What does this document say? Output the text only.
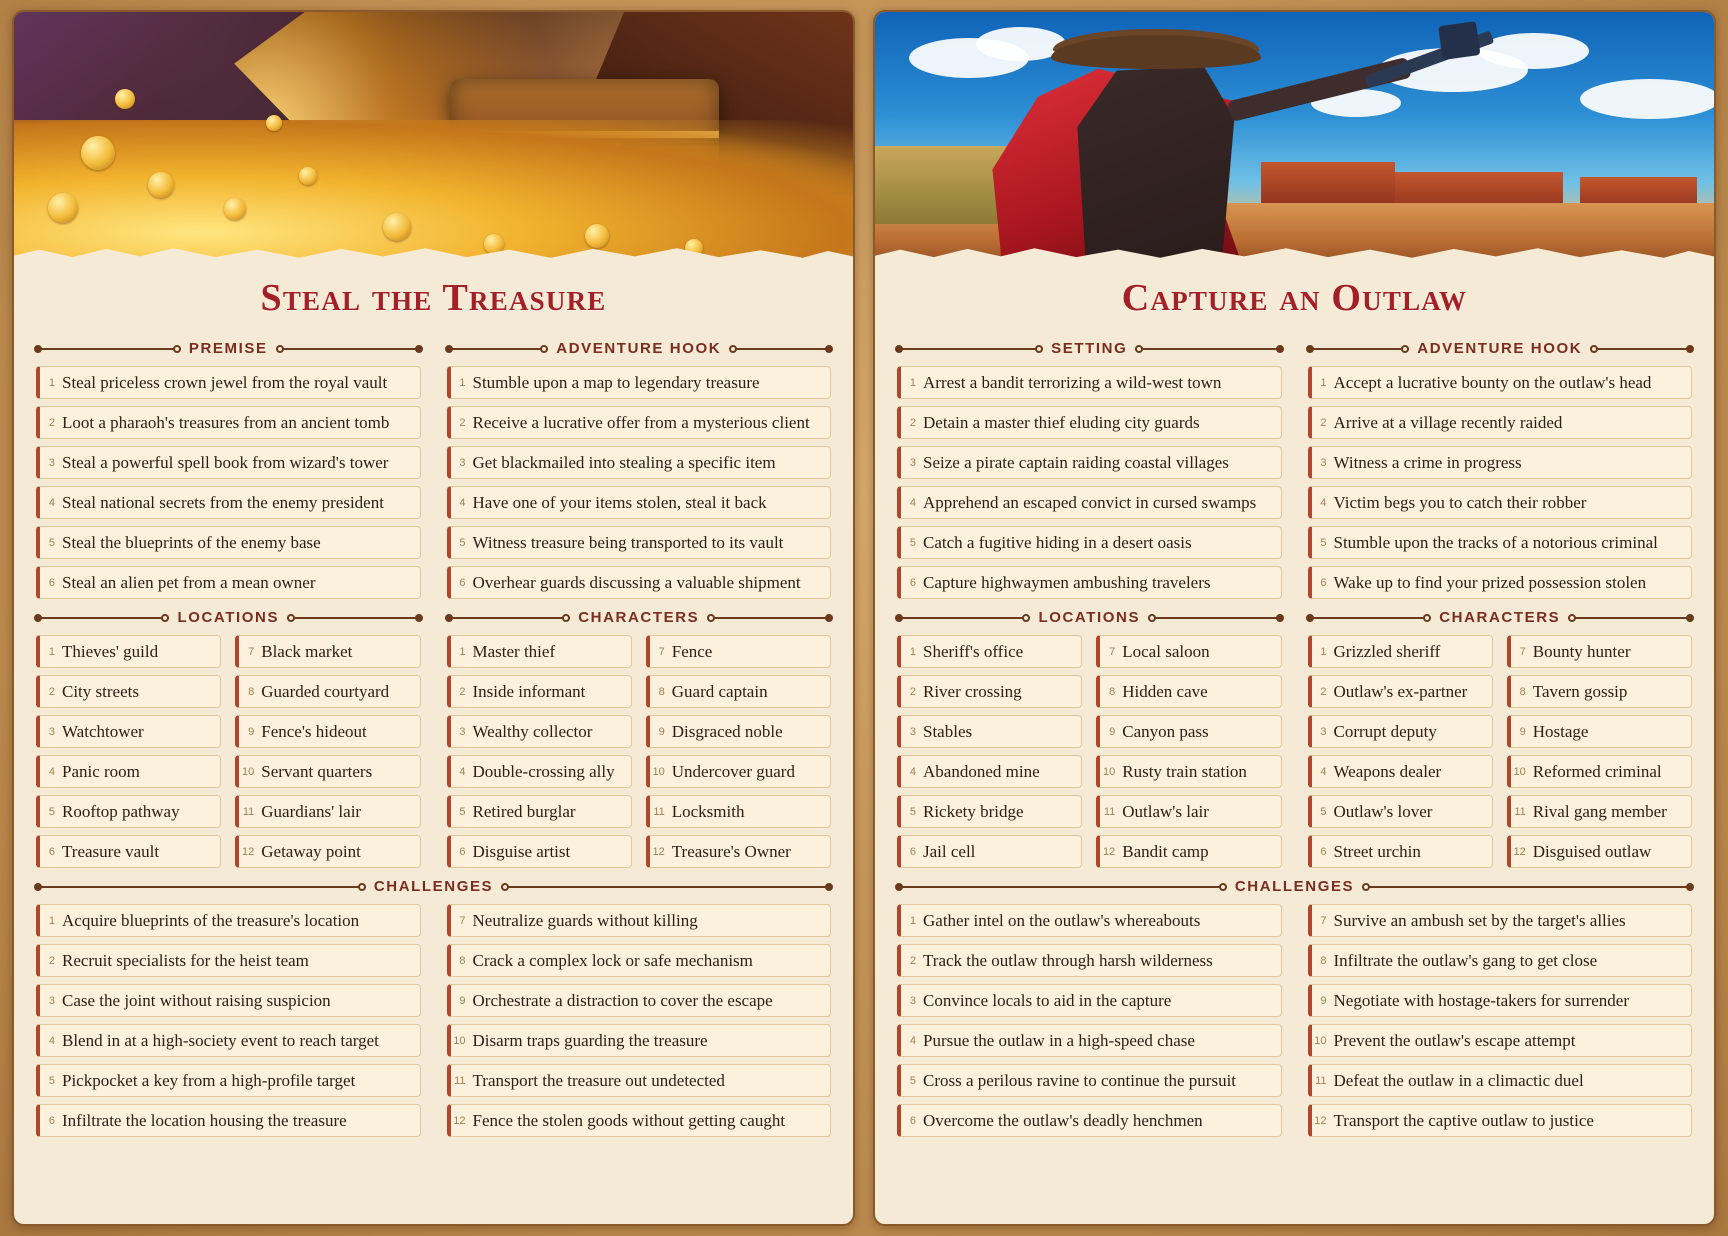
Steal the Treasure
PREMISE
1 Steal priceless crown jewel from the royal vault
2 Loot a pharaoh's treasures from an ancient tomb
3 Steal a powerful spell book from wizard's tower
4 Steal national secrets from the enemy president
5 Steal the blueprints of the enemy base
6 Steal an alien pet from a mean owner
ADVENTURE HOOK
1 Stumble upon a map to legendary treasure
2 Receive a lucrative offer from a mysterious client
3 Get blackmailed into stealing a specific item
4 Have one of your items stolen, steal it back
5 Witness treasure being transported to its vault
6 Overhear guards discussing a valuable shipment
LOCATIONS
1 Thieves' guild	7 Black market
2 City streets	8 Guarded courtyard
3 Watchtower	9 Fence's hideout
4 Panic room	10 Servant quarters
5 Rooftop pathway	11 Guardians' lair
6 Treasure vault	12 Getaway point
CHARACTERS
1 Master thief	7 Fence
2 Inside informant	8 Guard captain
3 Wealthy collector	9 Disgraced noble
4 Double-crossing ally	10 Undercover guard
5 Retired burglar	11 Locksmith
6 Disguise artist	12 Treasure's Owner
CHALLENGES
1 Acquire blueprints of the treasure's location	7 Neutralize guards without killing
2 Recruit specialists for the heist team	8 Crack a complex lock or safe mechanism
3 Case the joint without raising suspicion	9 Orchestrate a distraction to cover the escape
4 Blend in at a high-society event to reach target	10 Disarm traps guarding the treasure
5 Pickpocket a key from a high-profile target	11 Transport the treasure out undetected
6 Infiltrate the location housing the treasure	12 Fence the stolen goods without getting caught
Capture an Outlaw
SETTING
1 Arrest a bandit terrorizing a wild-west town
2 Detain a master thief eluding city guards
3 Seize a pirate captain raiding coastal villages
4 Apprehend an escaped convict in cursed swamps
5 Catch a fugitive hiding in a desert oasis
6 Capture highwaymen ambushing travelers
ADVENTURE HOOK
1 Accept a lucrative bounty on the outlaw's head
2 Arrive at a village recently raided
3 Witness a crime in progress
4 Victim begs you to catch their robber
5 Stumble upon the tracks of a notorious criminal
6 Wake up to find your prized possession stolen
LOCATIONS
1 Sheriff's office	7 Local saloon
2 River crossing	8 Hidden cave
3 Stables	9 Canyon pass
4 Abandoned mine	10 Rusty train station
5 Rickety bridge	11 Outlaw's lair
6 Jail cell	12 Bandit camp
CHARACTERS
1 Grizzled sheriff	7 Bounty hunter
2 Outlaw's ex-partner	8 Tavern gossip
3 Corrupt deputy	9 Hostage
4 Weapons dealer	10 Reformed criminal
5 Outlaw's lover	11 Rival gang member
6 Street urchin	12 Disguised outlaw
CHALLENGES
1 Gather intel on the outlaw's whereabouts	7 Survive an ambush set by the target's allies
2 Track the outlaw through harsh wilderness	8 Infiltrate the outlaw's gang to get close
3 Convince locals to aid in the capture	9 Negotiate with hostage-takers for surrender
4 Pursue the outlaw in a high-speed chase	10 Prevent the outlaw's escape attempt
5 Cross a perilous ravine to continue the pursuit	11 Defeat the outlaw in a climactic duel
6 Overcome the outlaw's deadly henchmen	12 Transport the captive outlaw to justice
